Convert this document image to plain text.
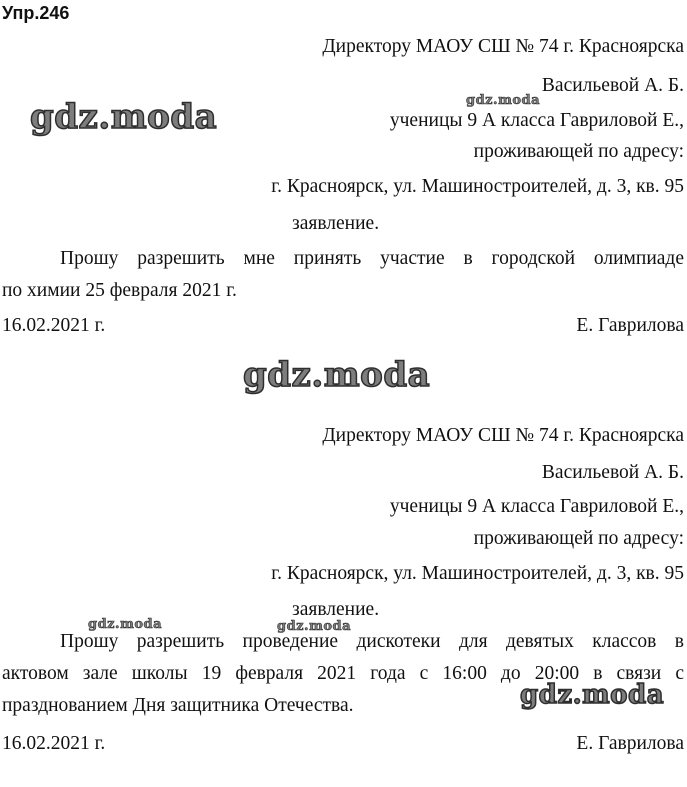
Упр.246
Директору МАОУ СШ № 74 г. Красноярска
Васильевой А. Б.
ученицы 9 А класса Гавриловой Е.,
проживающей по адресу:
г. Красноярск, ул. Машиностроителей, д. 3, кв. 95
заявление.
Прошу разрешить мне принять участие в городской олимпиаде
по химии 25 февраля 2021 г.
16.02.2021 г.	Е. Гаврилова
Директору МАОУ СШ № 74 г. Красноярска
Васильевой А. Б.
ученицы 9 А класса Гавриловой Е.,
проживающей по адресу:
г. Красноярск, ул. Машиностроителей, д. 3, кв. 95
заявление.
Прошу разрешить проведение дискотеки для девятых классов в
актовом зале школы 19 февраля 2021 года с 16:00 до 20:00 в связи с
празднованием Дня защитника Отечества.
16.02.2021 г.	Е. Гаврилова
gdz.moda	gdz.moda
gdz.moda
gdz.moda	gdz.moda
gdz.moda
